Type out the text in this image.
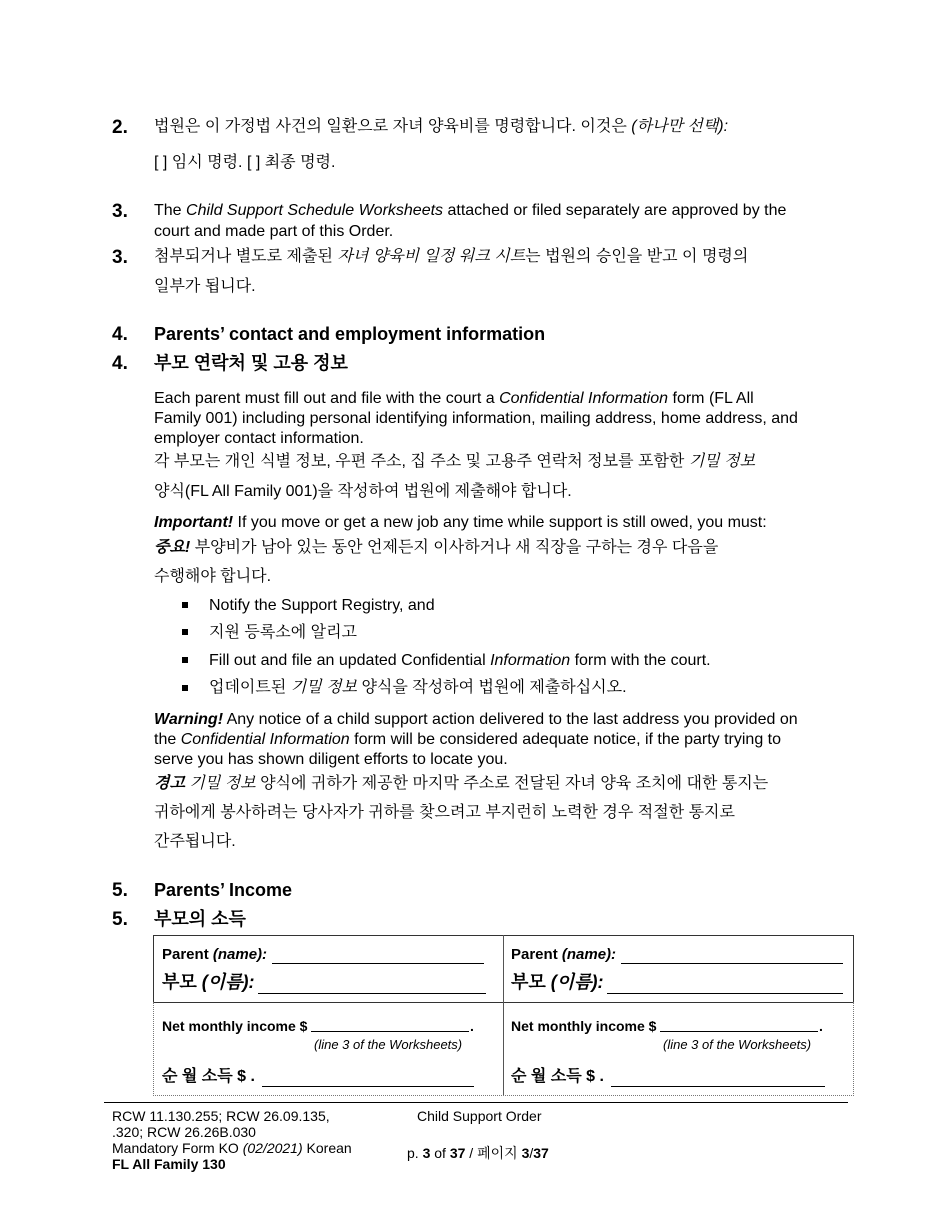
2. 법원은 이 가정법 사건의 일환으로 자녀 양육비를 명령합니다. 이것은 (하나만 선택):
[ ] 임시 명령. [ ] 최종 명령.
3. The Child Support Schedule Worksheets attached or filed separately are approved by the
court and made part of this Order.
3. 첨부되거나 별도로 제출된 자녀 양육비 일정 워크 시트는 법원의 승인을 받고 이 명령의
일부가 됩니다.
4. Parents’ contact and employment information
4. 부모 연락처 및 고용 정보
Each parent must fill out and file with the court a Confidential Information form (FL All
Family 001) including personal identifying information, mailing address, home address, and
employer contact information.
각 부모는 개인 식별 정보, 우편 주소, 집 주소 및 고용주 연락처 정보를 포함한 기밀 정보
양식(FL All Family 001)을 작성하여 법원에 제출해야 합니다.
Important! If you move or get a new job any time while support is still owed, you must:
중요! 부양비가 남아 있는 동안 언제든지 이사하거나 새 직장을 구하는 경우 다음을
수행해야 합니다.
Notify the Support Registry, and
지원 등록소에 알리고
Fill out and file an updated Confidential Information form with the court.
업데이트된 기밀 정보 양식을 작성하여 법원에 제출하십시오.
Warning! Any notice of a child support action delivered to the last address you provided on
the Confidential Information form will be considered adequate notice, if the party trying to
serve you has shown diligent efforts to locate you.
경고 기밀 정보 양식에 귀하가 제공한 마지막 주소로 전달된 자녀 양육 조치에 대한 통지는
귀하에게 봉사하려는 당사자가 귀하를 찾으려고 부지런히 노력한 경우 적절한 통지로
간주됩니다.
5. Parents’ Income
5. 부모의 소득
Parent (name):
부모 (이름):
Net monthly income $	.
(line 3 of the Worksheets)
순 월 소득 $ .
Parent (name):
부모 (이름):
Net monthly income $	.
(line 3 of the Worksheets)
순 월 소득 $ .
RCW 11.130.255; RCW 26.09.135,
.320; RCW 26.26B.030
Mandatory Form KO (02/2021) Korean
FL All Family 130
Child Support Order
p. 3 of 37 / 페이지 3/37
